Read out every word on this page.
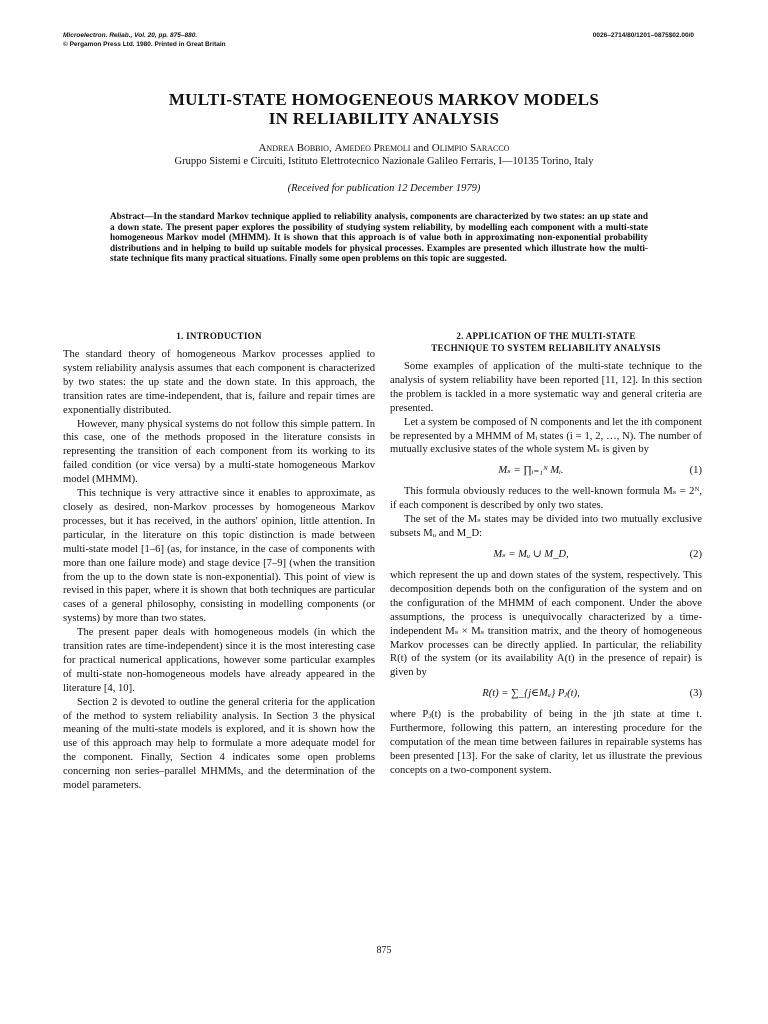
Microelectron. Reliab., Vol. 20, pp. 875–880.
© Pergamon Press Ltd. 1980. Printed in Great Britain
0026–2714/80/1201–0875$02.00/0
MULTI-STATE HOMOGENEOUS MARKOV MODELS
IN RELIABILITY ANALYSIS
Andrea Bobbio, Amedeo Premoli and Olimpio Saracco
Gruppo Sistemi e Circuiti, Istituto Elettrotecnico Nazionale Galileo Ferraris, I—10135 Torino, Italy
(Received for publication 12 December 1979)
Abstract—In the standard Markov technique applied to reliability analysis, components are characterized by two states: an up state and a down state. The present paper explores the possibility of studying system reliability, by modelling each component with a multi-state homogeneous Markov model (MHMM). It is shown that this approach is of value both in approximating non-exponential probability distributions and in helping to build up suitable models for physical processes. Examples are presented which illustrate how the multi-state technique fits many practical situations. Finally some open problems on this topic are suggested.
1. INTRODUCTION

The standard theory of homogeneous Markov processes applied to system reliability analysis assumes that each component is characterized by two states: the up state and the down state. In this approach, the transition rates are time-independent, that is, failure and repair times are exponentially distributed.

However, many physical systems do not follow this simple pattern. In this case, one of the methods proposed in the literature consists in representing the transition of each component from its working to its failed condition (or vice versa) by a multi-state homogeneous Markov model (MHMM).

This technique is very attractive since it enables to approximate, as closely as desired, non-Markov processes by homogeneous Markov processes, but it has received, in the authors' opinion, little attention. In particular, in the literature on this topic distinction is made between multi-state model [1–6] (as, for instance, in the case of components with more than one failure mode) and stage device [7–9] (when the transition from the up to the down state is non-exponential). This point of view is revised in this paper, where it is shown that both techniques are particular cases of a general philosophy, consisting in modelling components (or systems) by more than two states.

The present paper deals with homogeneous models (in which the transition rates are time-independent) since it is the most interesting case for practical numerical applications, however some particular examples of multi-state non-homogeneous models have already appeared in the literature [4, 10].

Section 2 is devoted to outline the general criteria for the application of the method to system reliability analysis. In Section 3 the physical meaning of the multi-state models is explored, and it is shown how the use of this approach may help to formulate a more adequate model for the component. Finally, Section 4 indicates some open problems concerning non series–parallel MHMMs, and the determination of the model parameters.

2. APPLICATION OF THE MULTI-STATE
TECHNIQUE TO SYSTEM RELIABILITY ANALYSIS

Some examples of application of the multi-state technique to the analysis of system reliability have been reported [11, 12]. In this section the problem is tackled in a more systematic way and general criteria are presented.

Let a system be composed of N components and let the ith component be represented by a MHMM of Mᵢ states (i = 1, 2, …, N). The number of mutually exclusive states of the whole system Mₛ is given by

Mₛ = ∏ᵢ₌₁ᴺ Mᵢ.	(1)

This formula obviously reduces to the well-known formula Mₛ = 2ᴺ, if each component is described by only two states.

The set of the Mₛ states may be divided into two mutually exclusive subsets Mᵤ and M_D:

Mₛ = Mᵤ ∪ M_D,	(2)

which represent the up and down states of the system, respectively. This decomposition depends both on the configuration of the system and on the configuration of the MHMM of each component. Under the above assumptions, the process is unequivocally characterized by a time-independent Mₛ × Mₛ transition matrix, and the theory of homogeneous Markov processes can be directly applied. In particular, the reliability R(t) of the system (or its availability A(t) in the presence of repair) is given by

R(t) = ∑_{j∈Mᵤ} Pⱼ(t),	(3)

where Pⱼ(t) is the probability of being in the jth state at time t. Furthermore, following this pattern, an interesting procedure for the computation of the mean time between failures in repairable systems has been presented [13]. For the sake of clarity, let us illustrate the previous concepts on a two-component system.

875
